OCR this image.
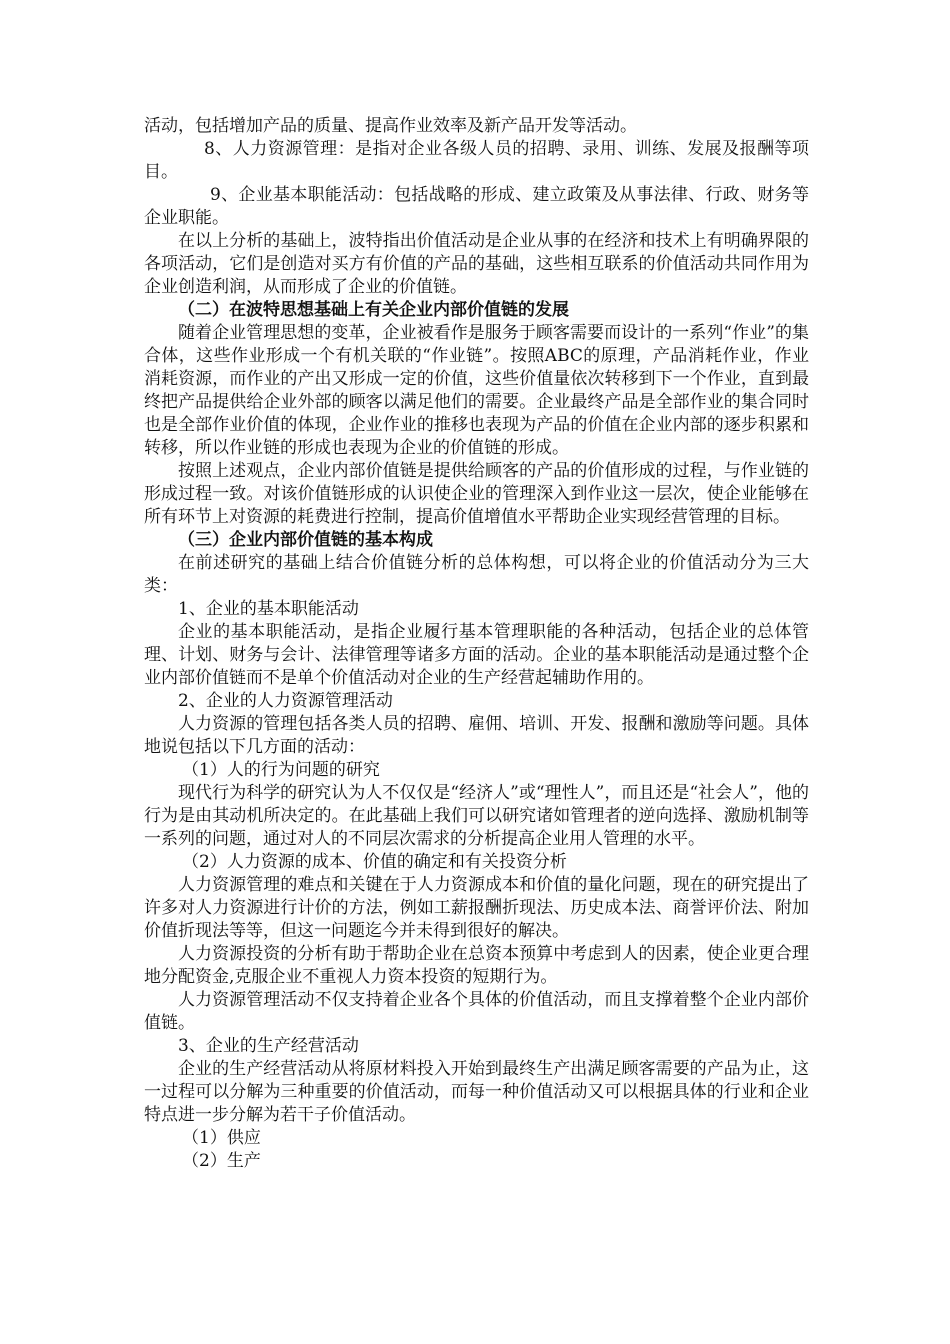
活动，包括增加产品的质量、提高作业效率及新产品开发等活动。

8、人力资源管理：是指对企业各级人员的招聘、录用、训练、发展及报酬等项目。

9、企业基本职能活动：包括战略的形成、建立政策及从事法律、行政、财务等企业职能。

在以上分析的基础上，波特指出价值活动是企业从事的在经济和技术上有明确界限的各项活动，它们是创造对买方有价值的产品的基础，这些相互联系的价值活动共同作用为企业创造利润，从而形成了企业的价值链。

（二）在波特思想基础上有关企业内部价值链的发展

随着企业管理思想的变革，企业被看作是服务于顾客需要而设计的一系列“作业”的集合体，这些作业形成一个有机关联的“作业链”。按照ABC的原理，产品消耗作业，作业消耗资源，而作业的产出又形成一定的价值，这些价值量依次转移到下一个作业，直到最终把产品提供给企业外部的顾客以满足他们的需要。企业最终产品是全部作业的集合同时也是全部作业价值的体现，企业作业的推移也表现为产品的价值在企业内部的逐步积累和转移，所以作业链的形成也表现为企业的价值链的形成。

按照上述观点，企业内部价值链是提供给顾客的产品的价值形成的过程，与作业链的形成过程一致。对该价值链形成的认识使企业的管理深入到作业这一层次，使企业能够在所有环节上对资源的耗费进行控制，提高价值增值水平帮助企业实现经营管理的目标。

（三）企业内部价值链的基本构成

在前述研究的基础上结合价值链分析的总体构想，可以将企业的价值活动分为三大类：

1、企业的基本职能活动

企业的基本职能活动，是指企业履行基本管理职能的各种活动，包括企业的总体管理、计划、财务与会计、法律管理等诸多方面的活动。企业的基本职能活动是通过整个企业内部价值链而不是单个价值活动对企业的生产经营起辅助作用的。

2、企业的人力资源管理活动

人力资源的管理包括各类人员的招聘、雇佣、培训、开发、报酬和激励等问题。具体地说包括以下几方面的活动：

（1）人的行为问题的研究

现代行为科学的研究认为人不仅仅是“经济人”或“理性人”，而且还是“社会人”，他的行为是由其动机所决定的。在此基础上我们可以研究诸如管理者的逆向选择、激励机制等一系列的问题，通过对人的不同层次需求的分析提高企业用人管理的水平。

（2）人力资源的成本、价值的确定和有关投资分析

人力资源管理的难点和关键在于人力资源成本和价值的量化问题，现在的研究提出了许多对人力资源进行计价的方法，例如工薪报酬折现法、历史成本法、商誉评价法、附加价值折现法等等，但这一问题迄今并未得到很好的解决。

人力资源投资的分析有助于帮助企业在总资本预算中考虑到人的因素，使企业更合理地分配资金,克服企业不重视人力资本投资的短期行为。

人力资源管理活动不仅支持着企业各个具体的价值活动，而且支撑着整个企业内部价值链。

3、企业的生产经营活动

企业的生产经营活动从将原材料投入开始到最终生产出满足顾客需要的产品为止，这一过程可以分解为三种重要的价值活动，而每一种价值活动又可以根据具体的行业和企业特点进一步分解为若干子价值活动。

（1）供应

（2）生产
